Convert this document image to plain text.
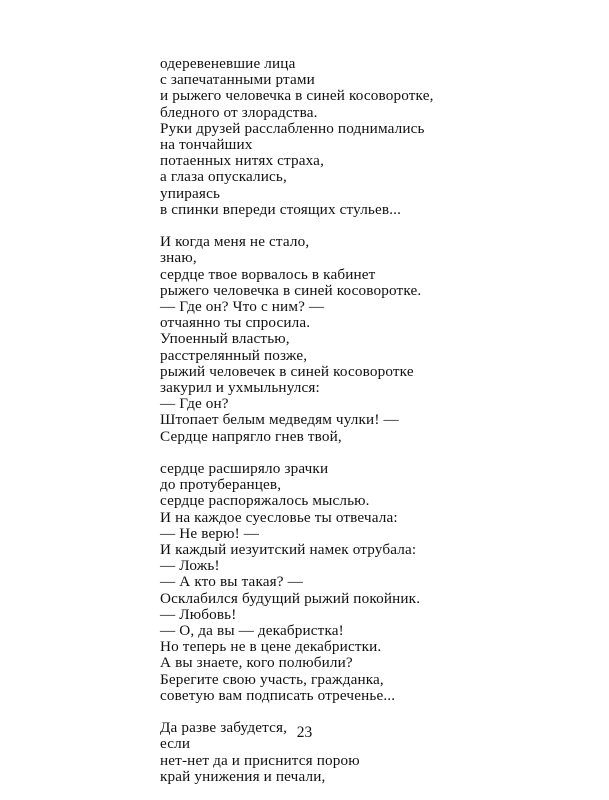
одеревеневшие лица
с запечатанными ртами
и рыжего человечка в синей косоворотке,
бледного от злорадства.
Руки друзей расслабленно поднимались
на тончайших
потаенных нитях страха,
а глаза опускались,
упираясь
в спинки впереди стоящих стульев...
И когда меня не стало,
знаю,
сердце твое ворвалось в кабинет
рыжего человечка в синей косоворотке.
— Где он? Что с ним? —
отчаянно ты спросила.
Упоенный властью,
расстрелянный позже,
рыжий человечек в синей косоворотке
закурил и ухмыльнулся:
— Где он?
Штопает белым медведям чулки! —
Сердце напрягло гнев твой,
сердце расширяло зрачки
до протуберанцев,
сердце распоряжалось мыслью.
И на каждое суесловье ты отвечала:
— Не верю! —
И каждый иезуитский намек отрубала:
— Ложь!
— А кто вы такая? —
Осклабился будущий рыжий покойник.
— Любовь!
— О, да вы — декабристка!
Но теперь не в цене декабристки.
А вы знаете, кого полюбили?
Берегите свою участь, гражданка,
советую вам подписать отреченье...
Да разве забудется,
если
нет-нет да и приснится порою
край унижения и печали,
23
